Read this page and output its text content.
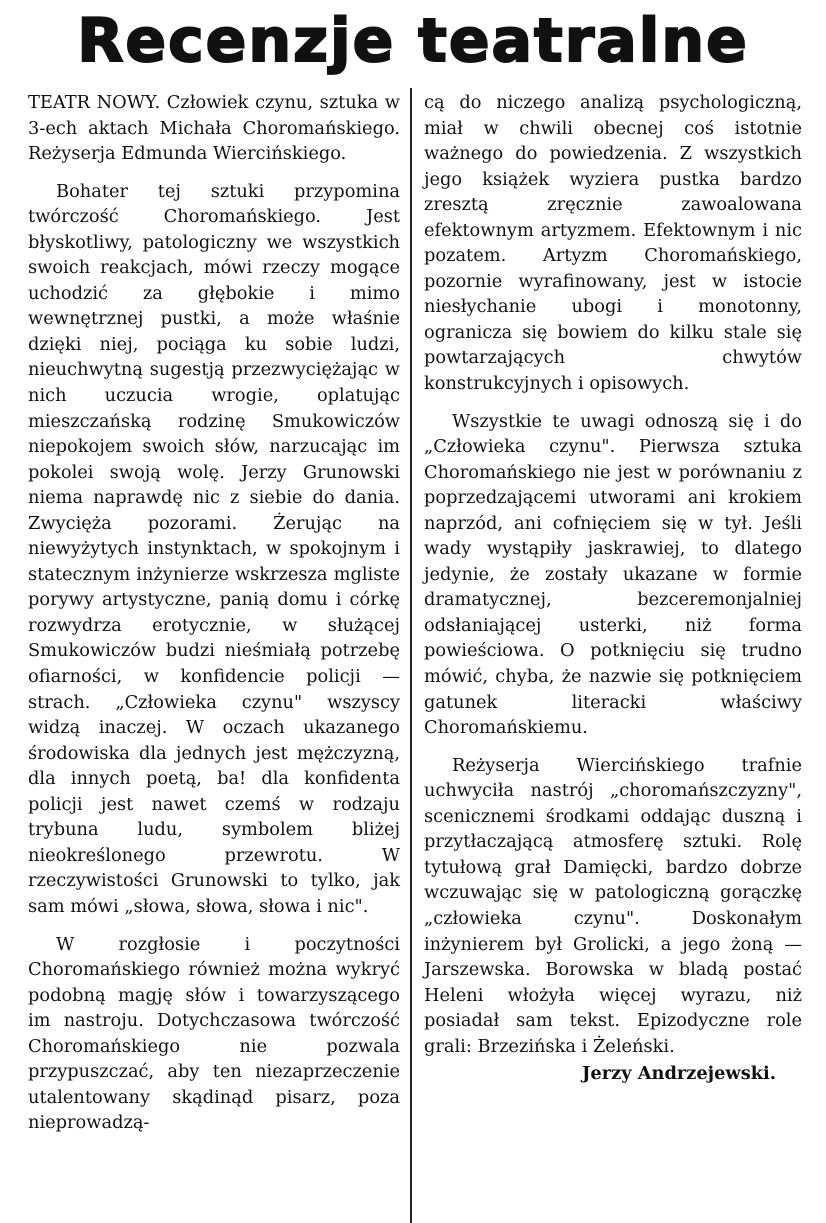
Recenzje teatralne

TEATR NOWY. Człowiek czynu, sztuka w 3-ech aktach Michała Choromańskiego. Reżyserja Edmunda Wiercińskiego.

Bohater tej sztuki przypomina twórczość Choromańskiego. Jest błyskotliwy, patologiczny we wszystkich swoich reakcjach, mówi rzeczy mogące uchodzić za głębokie i mimo wewnętrznej pustki, a może właśnie dzięki niej, pociąga ku sobie ludzi, nieuchwytną sugestją przezwyciężając w nich uczucia wrogie, oplatując mieszczańską rodzinę Smukowiczów niepokojem swoich słów, narzucając im pokolei swoją wolę. Jerzy Grunowski niema naprawdę nic z siebie do dania. Zwycięża pozorami. Żerując na niewyżytych instynktach, w spokojnym i statecznym inżynierze wskrzesza mgliste porywy artystyczne, panią domu i córkę rozwydrza erotycznie, w służącej Smukowiczów budzi nieśmiałą potrzebę ofiarności, w konfidencie policji — strach. „Człowieka czynu" wszyscy widzą inaczej. W oczach ukazanego środowiska dla jednych jest mężczyzną, dla innych poetą, ba! dla konfidenta policji jest nawet czemś w rodzaju trybuna ludu, symbolem bliżej nieokreślonego przewrotu. W rzeczywistości Grunowski to tylko, jak sam mówi „słowa, słowa, słowa i nic".

W rozgłosie i poczytności Choromańskiego również można wykryć podobną magję słów i towarzyszącego im nastroju. Dotychczasowa twórczość Choromańskiego nie pozwala przypuszczać, aby ten niezaprzeczenie utalentowany skądinąd pisarz, poza nieprowadzą-

cą do niczego analizą psychologiczną, miał w chwili obecnej coś istotnie ważnego do powiedzenia. Z wszystkich jego książek wyziera pustka bardzo zresztą zręcznie zawoalowana efektownym artyzmem. Efektownym i nic pozatem. Artyzm Choromańskiego, pozornie wyrafinowany, jest w istocie niesłychanie ubogi i monotonny, ogranicza się bowiem do kilku stale się powtarzających chwytów konstrukcyjnych i opisowych.

Wszystkie te uwagi odnoszą się i do „Człowieka czynu". Pierwsza sztuka Choromańskiego nie jest w porównaniu z poprzedzającemi utworami ani krokiem naprzód, ani cofnięciem się w tył. Jeśli wady wystąpiły jaskrawiej, to dlatego jedynie, że zostały ukazane w formie dramatycznej, bezceremonjalniej odsłaniającej usterki, niż forma powieściowa. O potknięciu się trudno mówić, chyba, że nazwie się potknięciem gatunek literacki właściwy Choromańskiemu.

Reżyserja Wiercińskiego trafnie uchwyciła nastrój „choromańszczyzny", scenicznemi środkami oddając duszną i przytłaczającą atmosferę sztuki. Rolę tytułową grał Damięcki, bardzo dobrze wczuwając się w patologiczną gorączkę „człowieka czynu". Doskonałym inżynierem był Grolicki, a jego żoną — Jarszewska. Borowska w bladą postać Heleni włożyła więcej wyrazu, niż posiadał sam tekst. Epizodyczne role grali: Brzezińska i Żeleński.

Jerzy Andrzejewski.
